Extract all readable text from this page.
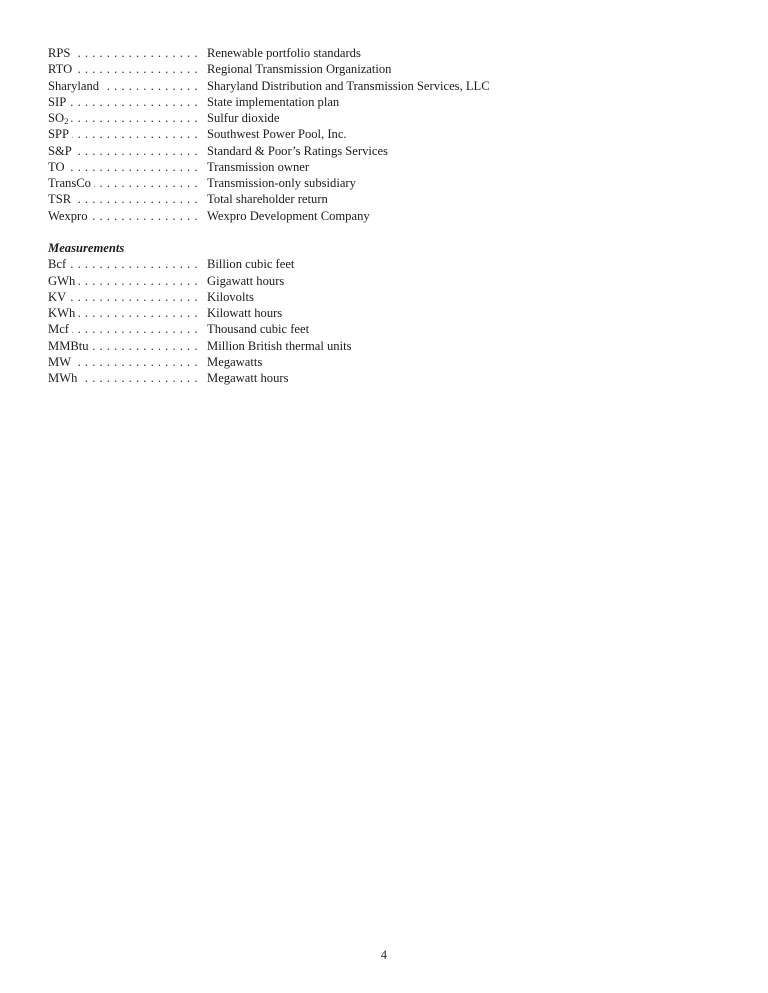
RPS . . .	Renewable portfolio standards
RTO . . .	Regional Transmission Organization
Sharyland . . .	Sharyland Distribution and Transmission Services, LLC
SIP . . .	State implementation plan
$SO_2$ . . .	Sulfur dioxide
SPP . . .	Southwest Power Pool, Inc.
S&P . . .	Standard & Poor’s Ratings Services
TO . . .	Transmission owner
TransCo . . .	Transmission-only subsidiary
TSR . . .	Total shareholder return
Wexpro . . .	Wexpro Development Company
Measurements
Bcf . . .	Billion cubic feet
GWh . . .	Gigawatt hours
KV . . .	Kilovolts
KWh . . .	Kilowatt hours
Mcf . . .	Thousand cubic feet
MMBtu . . .	Million British thermal units
MW . . .	Megawatts
MWh . . .	Megawatt hours
4
